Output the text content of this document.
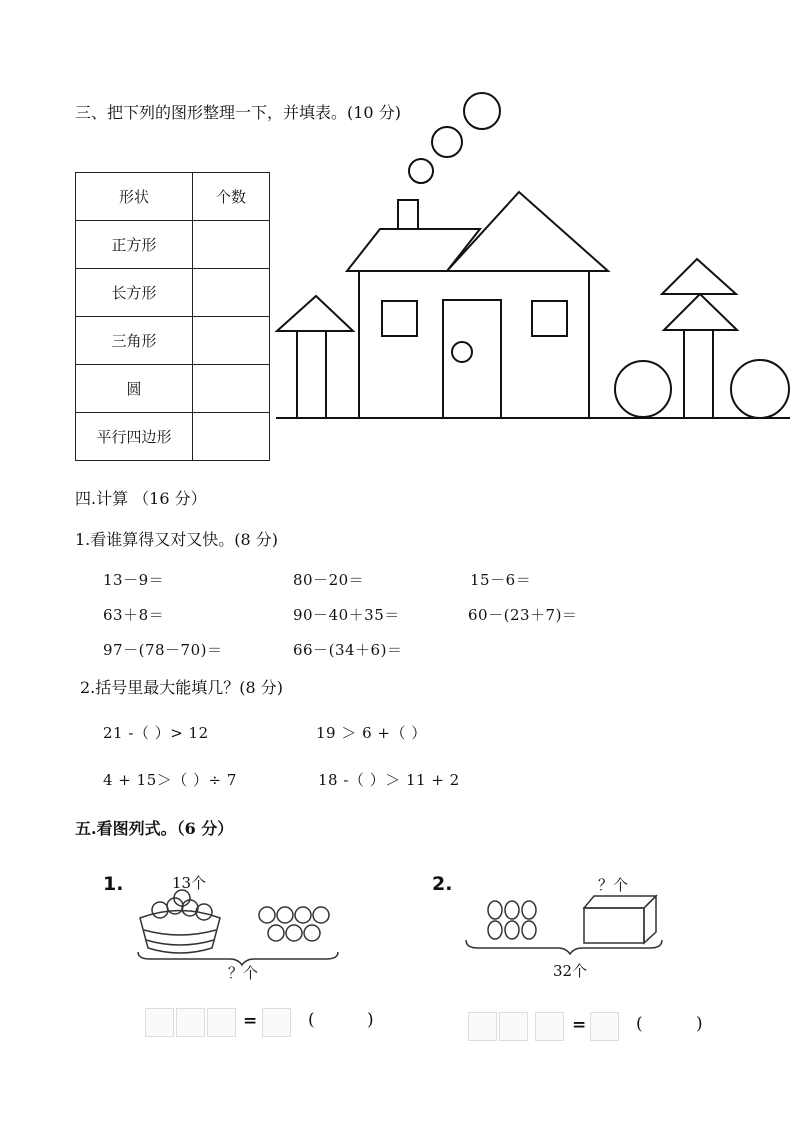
三、把下列的图形整理一下，并填表。(10 分)
形状	个数
正方形	
长方形	
三角形	
圆	
平行四边形	
四.计算 （16 分）
1.看谁算得又对又快。(8 分)
13－9＝	80－20＝	15－6＝
63＋8＝	90－40＋35＝	60－(23＋7)＝
97－(78－70)＝	66－(34＋6)＝
2.括号里最大能填几？(8 分)
21 -（ ）> 12	19 ＞ 6 +（ ）
4 + 15＞（ ）÷ 7	18 -（ ）＞ 11 + 2
五.看图列式。（6 分）
1.	13个
？个
=	(	)
2.	？个
32个
=	(	)
